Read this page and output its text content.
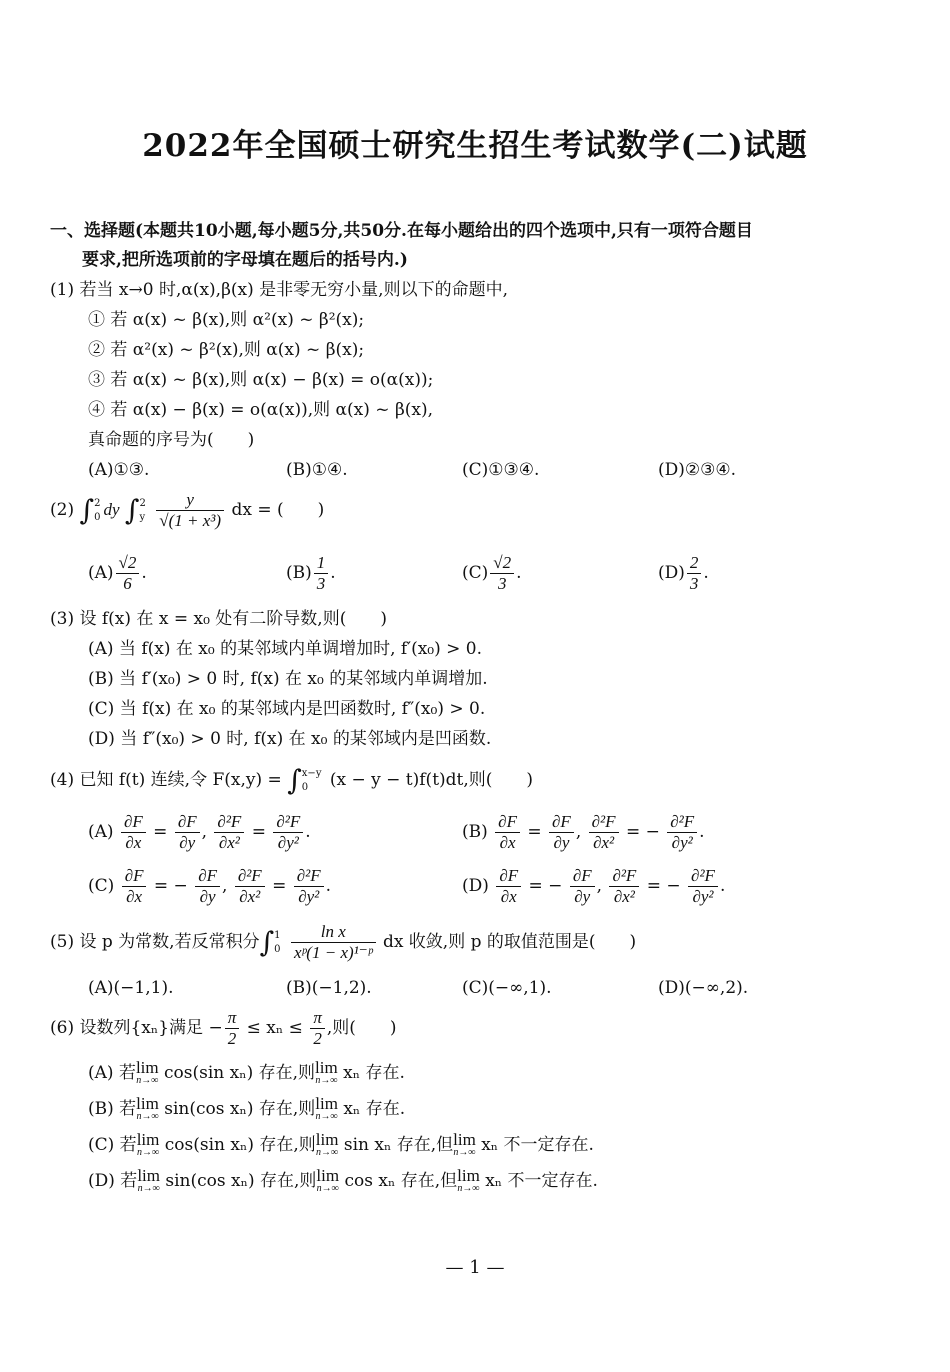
2022年全国硕士研究生招生考试数学(二)试题
一、选择题(本题共10小题,每小题5分,共50分.在每小题给出的四个选项中,只有一项符合题目
要求,把所选项前的字母填在题后的括号内.)
(1) 若当 x→0 时,α(x),β(x) 是非零无穷小量,则以下的命题中,
① 若 α(x) ~ β(x),则 α²(x) ~ β²(x);
② 若 α²(x) ~ β²(x),则 α(x) ~ β(x);
③ 若 α(x) ~ β(x),则 α(x) − β(x) = o(α(x));
④ 若 α(x) − β(x) = o(α(x)),则 α(x) ~ β(x),
真命题的序号为(　　)
(A)①③.	(B)①④.	(C)①③④.	(D)②③④.
(2) ∫ 2
0 dy ∫ 2
y
$\frac{y}{\text{√(1 + x³)}}$ dx = (　　)
$(A) \frac{√2}{6}$ .	$(B) \frac{1}{3}$ .	$(C) \frac{√2}{3}$ .	$(D) \frac{2}{3}$ .
(3) 设 f(x) 在 x = x₀ 处有二阶导数,则(　　)
(A) 当 f(x) 在 x₀ 的某邻域内单调增加时, f′(x₀) > 0.
(B) 当 f′(x₀) > 0 时, f(x) 在 x₀ 的某邻域内单调增加.
(C) 当 f(x) 在 x₀ 的某邻域内是凹函数时, f″(x₀) > 0.
(D) 当 f″(x₀) > 0 时, f(x) 在 x₀ 的某邻域内是凹函数.
(4) 已知 f(t) 连续,令 F(x,y) = ∫ x−y
0	(x − y − t)f(t)dt,则(　　)
$(A) \frac{\partial F}{\partial x} = \frac{\partial F}{\partial y}$ , $\frac{\text{∂²F}}{\text{∂x²}} = \frac{\text{∂²F}}{\text{∂y²}}$ .	$(B) \frac{\partial F}{\partial x} = \frac{\partial F}{\partial y}$ , $\frac{\text{∂²F}}{\text{∂x²}}$ = − $\frac{\text{∂²F}}{\text{∂y²}}$ .
$(C) \frac{\partial F}{\partial x}$ = − $\frac{\partial F}{\partial y}$ , $\frac{\text{∂²F}}{\text{∂x²}} = \frac{\text{∂²F}}{\text{∂y²}}$ .	$(D) \frac{\partial F}{\partial x}$ = − $\frac{\partial F}{\partial y}$ , $\frac{\text{∂²F}}{\text{∂x²}}$ = − $\frac{\text{∂²F}}{\text{∂y²}}$ .
(5) 设 p 为常数,若反常积分∫ 1
0
$\frac{\text{ln x}}{\text{xᵖ(1 − x)¹⁻ᵖ}}$ dx 收敛,则 p 的取值范围是(　　)
(A)(−1,1).	(B)(−1,2).	(C)(−∞,1).	(D)(−∞,2).
(6) 设数列{xₙ}满足 − $\frac{\pi}{2} \le x_n \le \frac{\pi}{2}$ ,则(　　)
(A) 若lim
n→∞ cos(sin xₙ) 存在,则lim
n→∞ xₙ 存在.
(B) 若lim
n→∞ sin(cos xₙ) 存在,则lim
n→∞ xₙ 存在.
(C) 若lim
n→∞ cos(sin xₙ) 存在,则lim
n→∞ sin xₙ 存在,但lim
n→∞ xₙ 不一定存在.
(D) 若lim
n→∞ sin(cos xₙ) 存在,则lim
n→∞ cos xₙ 存在,但lim
n→∞ xₙ 不一定存在.
— 1 —
